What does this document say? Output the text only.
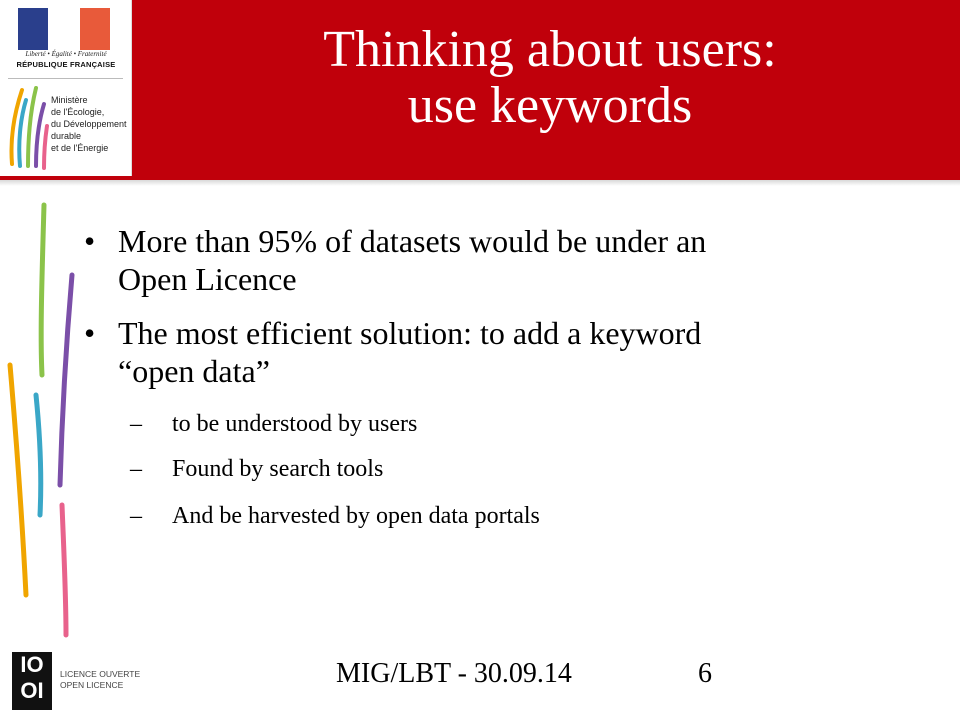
Liberté • Égalité • Fraternité
RÉPUBLIQUE FRANÇAISE
Ministère
de l'Écologie,
du Développement
durable
et de l'Énergie
Thinking about users:
use keywords
• More than 95% of datasets would be under an
Open Licence
• The most efficient solution: to add a keyword
“open data”
– to be understood by users
– Found by search tools
– And be harvested by open data portals
IO
OI
LICENCE OUVERTE
OPEN LICENCE	MIG/LBT - 30.09.14	6
